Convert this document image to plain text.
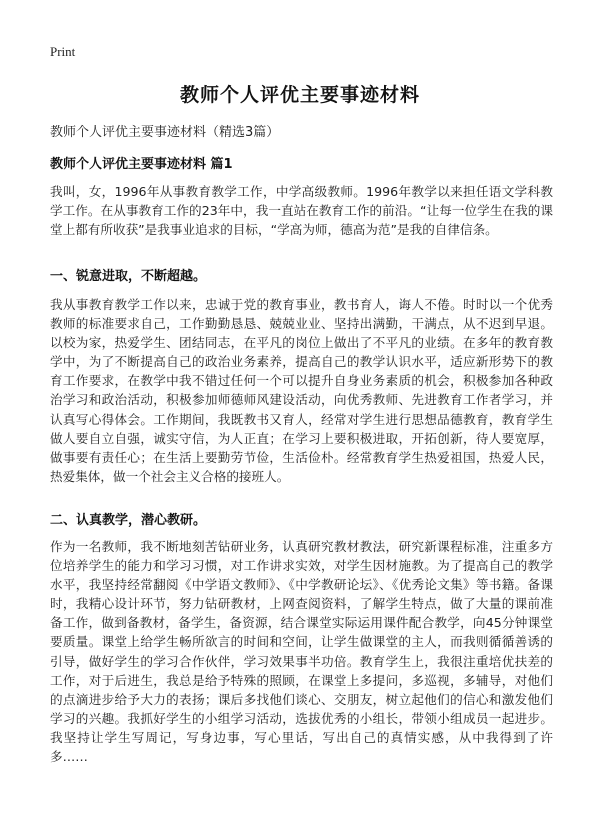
Print
教师个人评优主要事迹材料
教师个人评优主要事迹材料（精选3篇）
教师个人评优主要事迹材料 篇1

我叫，女，1996年从事教育教学工作，中学高级教师。1996年教学以来担任语文学科教学工作。在从事教育工作的23年中，我一直站在教育工作的前沿。“让每一位学生在我的课堂上都有所收获”是我事业追求的目标，“学高为师，德高为范”是我的自律信条。

一、锐意进取，不断超越。

我从事教育教学工作以来，忠诚于党的教育事业，教书育人，诲人不倦。时时以一个优秀教师的标准要求自己，工作勤勤恳恳、兢兢业业、坚持出满勤，干满点，从不迟到早退。以校为家，热爱学生、团结同志，在平凡的岗位上做出了不平凡的业绩。在多年的教育教学中，为了不断提高自己的政治业务素养，提高自己的教学认识水平，适应新形势下的教育工作要求，在教学中我不错过任何一个可以提升自身业务素质的机会，积极参加各种政治学习和政治活动，积极参加师德师风建设活动，向优秀教师、先进教育工作者学习，并认真写心得体会。工作期间，我既教书又育人，经常对学生进行思想品德教育，教育学生做人要自立自强，诚实守信，为人正直；在学习上要积极进取，开拓创新，待人要宽厚，做事要有责任心；在生活上要勤劳节俭，生活俭朴。经常教育学生热爱祖国，热爱人民，热爱集体，做一个社会主义合格的接班人。

二、认真教学，潜心教研。

作为一名教师，我不断地刻苦钻研业务，认真研究教材教法，研究新课程标准，注重多方位培养学生的能力和学习习惯，对工作讲求实效，对学生因材施教。为了提高自己的教学水平，我坚持经常翻阅《中学语文教师》、《中学教研论坛》、《优秀论文集》等书籍。备课时，我精心设计环节，努力钻研教材，上网查阅资料，了解学生特点，做了大量的课前准备工作，做到备教材，备学生，备资源，结合课堂实际运用课件配合教学，向45分钟课堂要质量。课堂上给学生畅所欲言的时间和空间，让学生做课堂的主人，而我则循循善诱的引导，做好学生的学习合作伙伴，学习效果事半功倍。教育学生上，我很注重培优扶差的工作，对于后进生，我总是给予特殊的照顾，在课堂上多提问，多巡视，多辅导，对他们的点滴进步给予大力的表扬；课后多找他们谈心、交朋友，树立起他们的信心和激发他们学习的兴趣。我抓好学生的小组学习活动，选拔优秀的小组长，带领小组成员一起进步。我坚持让学生写周记，写身边事，写心里话，写出自己的真情实感，从中我得到了许多……
